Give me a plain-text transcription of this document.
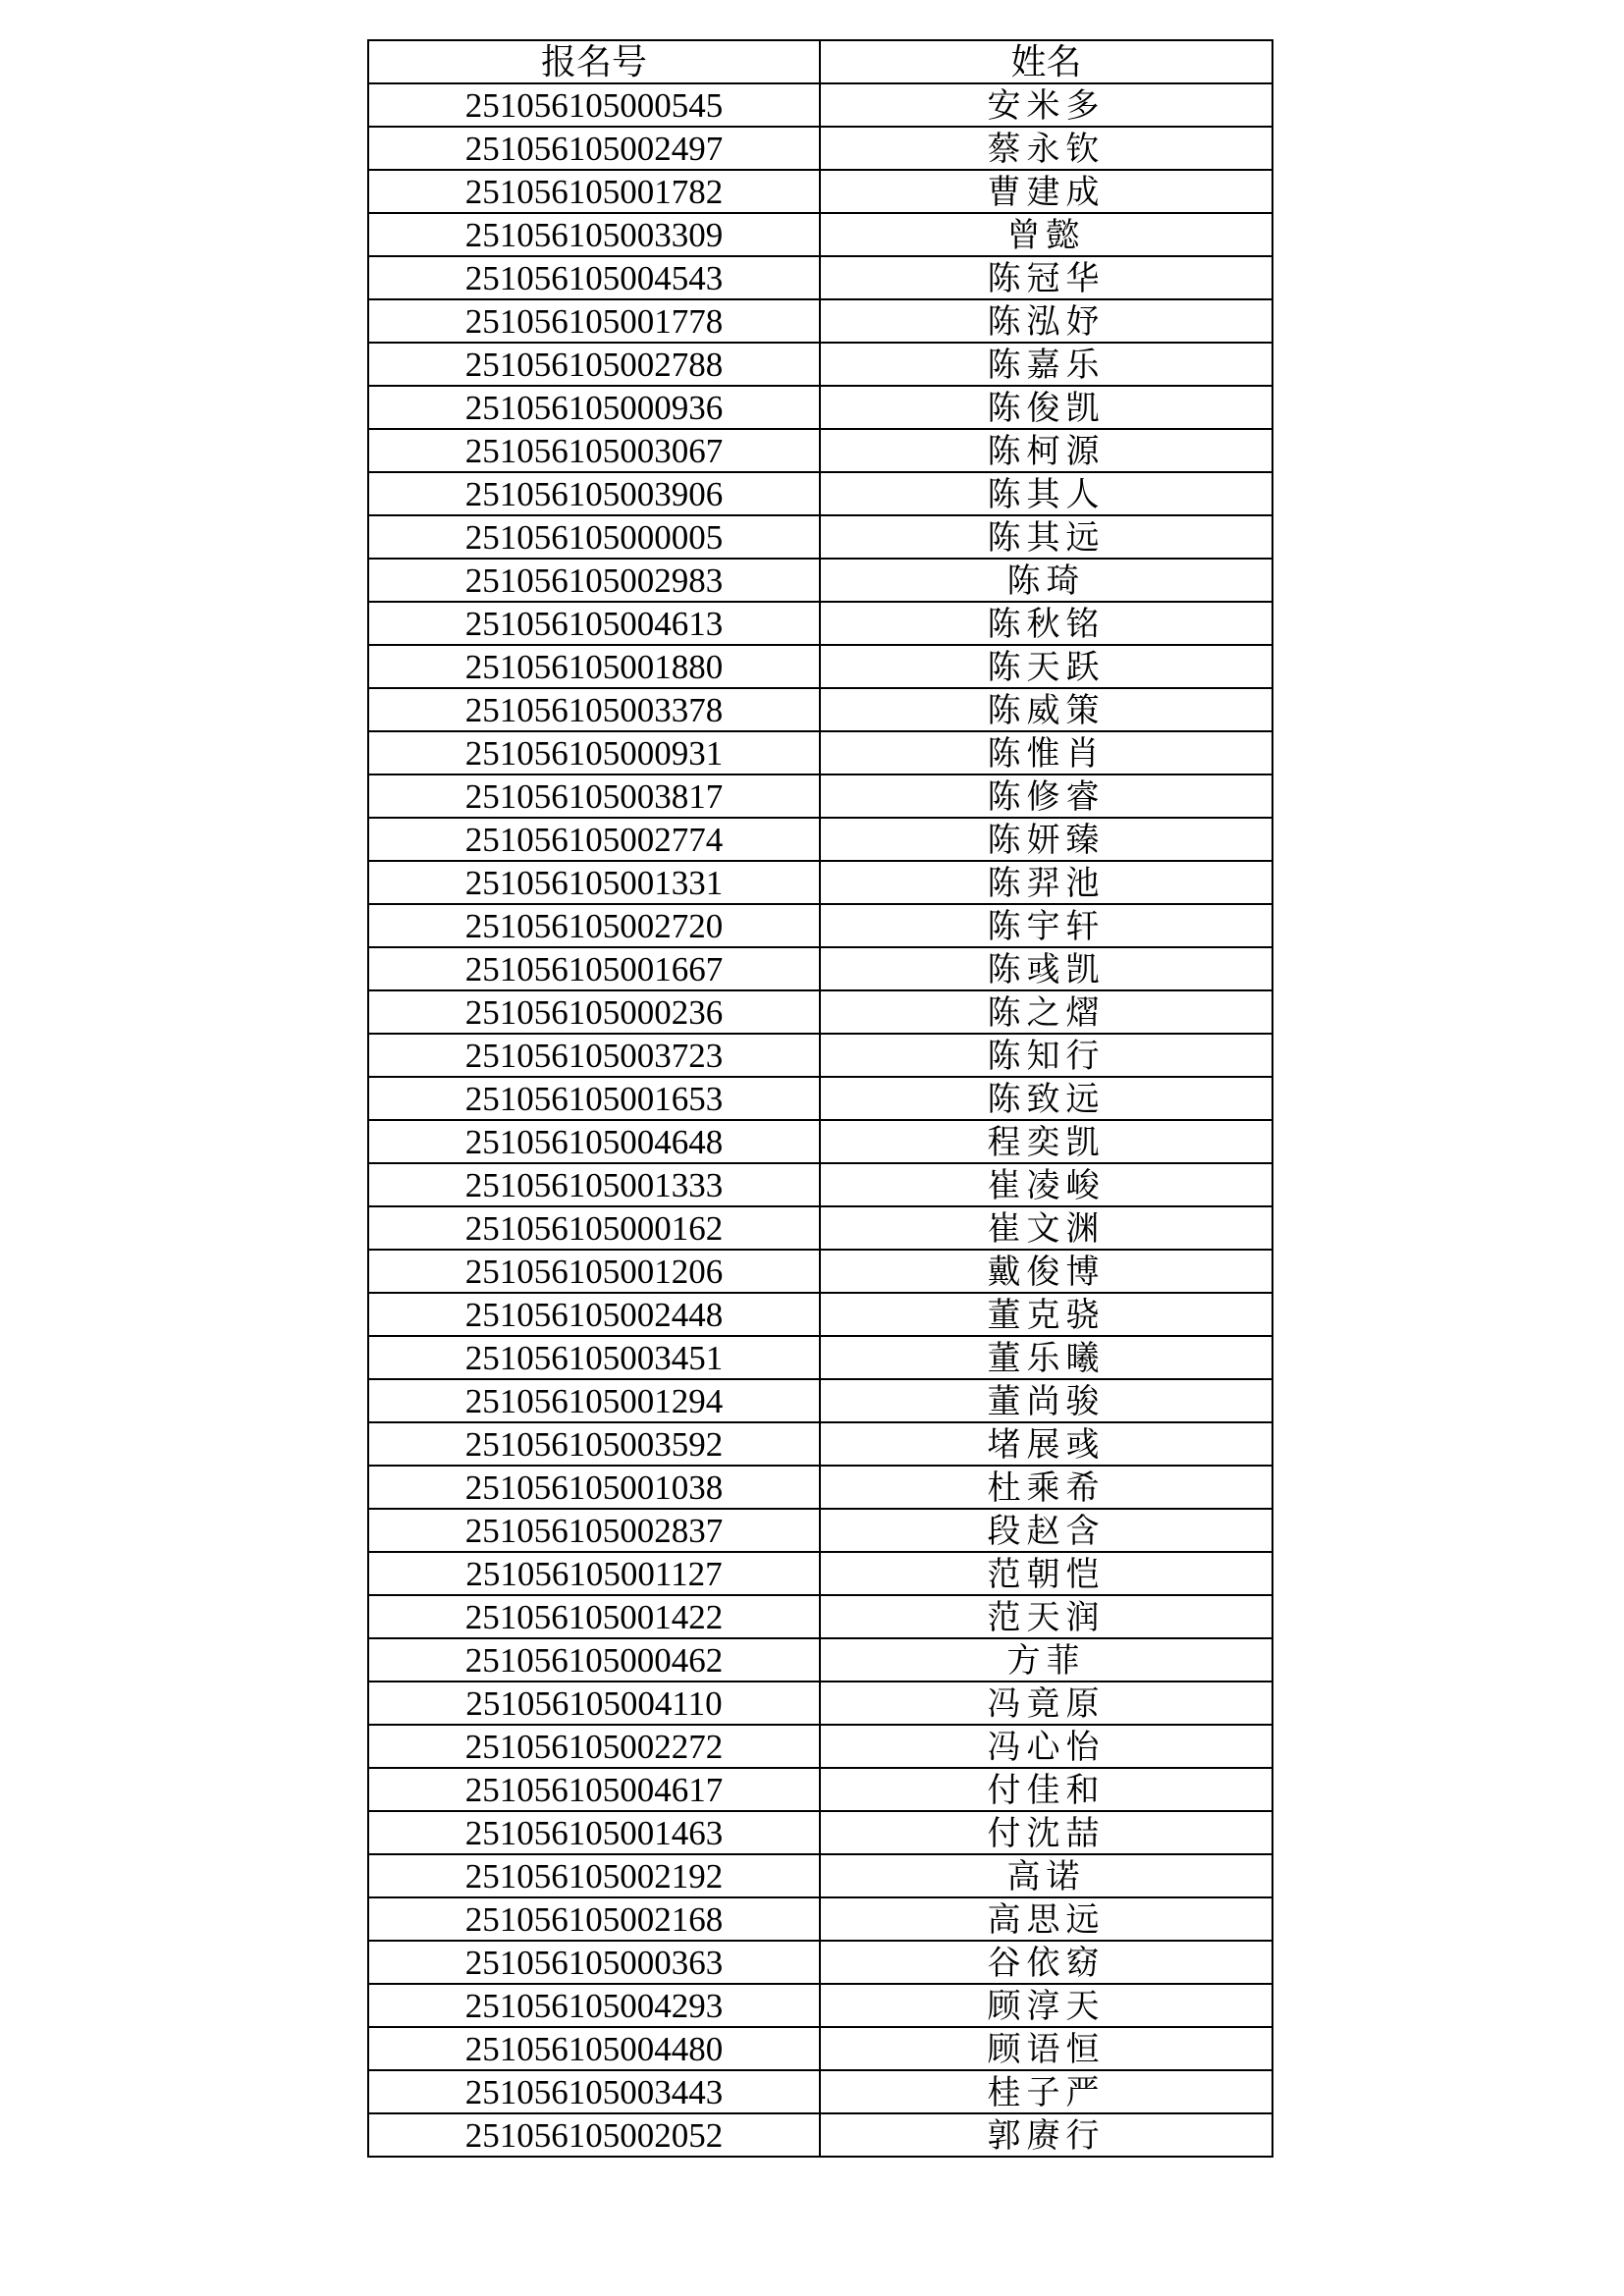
报名号	姓名
251056105000545	安米多
251056105002497	蔡永钦
251056105001782	曹建成
251056105003309	曾懿
251056105004543	陈冠华
251056105001778	陈泓妤
251056105002788	陈嘉乐
251056105000936	陈俊凯
251056105003067	陈柯源
251056105003906	陈其人
251056105000005	陈其远
251056105002983	陈琦
251056105004613	陈秋铭
251056105001880	陈天跃
251056105003378	陈威策
251056105000931	陈惟肖
251056105003817	陈修睿
251056105002774	陈妍臻
251056105001331	陈羿池
251056105002720	陈宇轩
251056105001667	陈彧凯
251056105000236	陈之熠
251056105003723	陈知行
251056105001653	陈致远
251056105004648	程奕凯
251056105001333	崔凌峻
251056105000162	崔文渊
251056105001206	戴俊博
251056105002448	董克骁
251056105003451	董乐曦
251056105001294	董尚骏
251056105003592	堵展彧
251056105001038	杜乘希
251056105002837	段赵含
251056105001127	范朝恺
251056105001422	范天润
251056105000462	方菲
251056105004110	冯竟原
251056105002272	冯心怡
251056105004617	付佳和
251056105001463	付沈喆
251056105002192	高诺
251056105002168	高思远
251056105000363	谷依窈
251056105004293	顾淳天
251056105004480	顾语恒
251056105003443	桂子严
251056105002052	郭赓行
